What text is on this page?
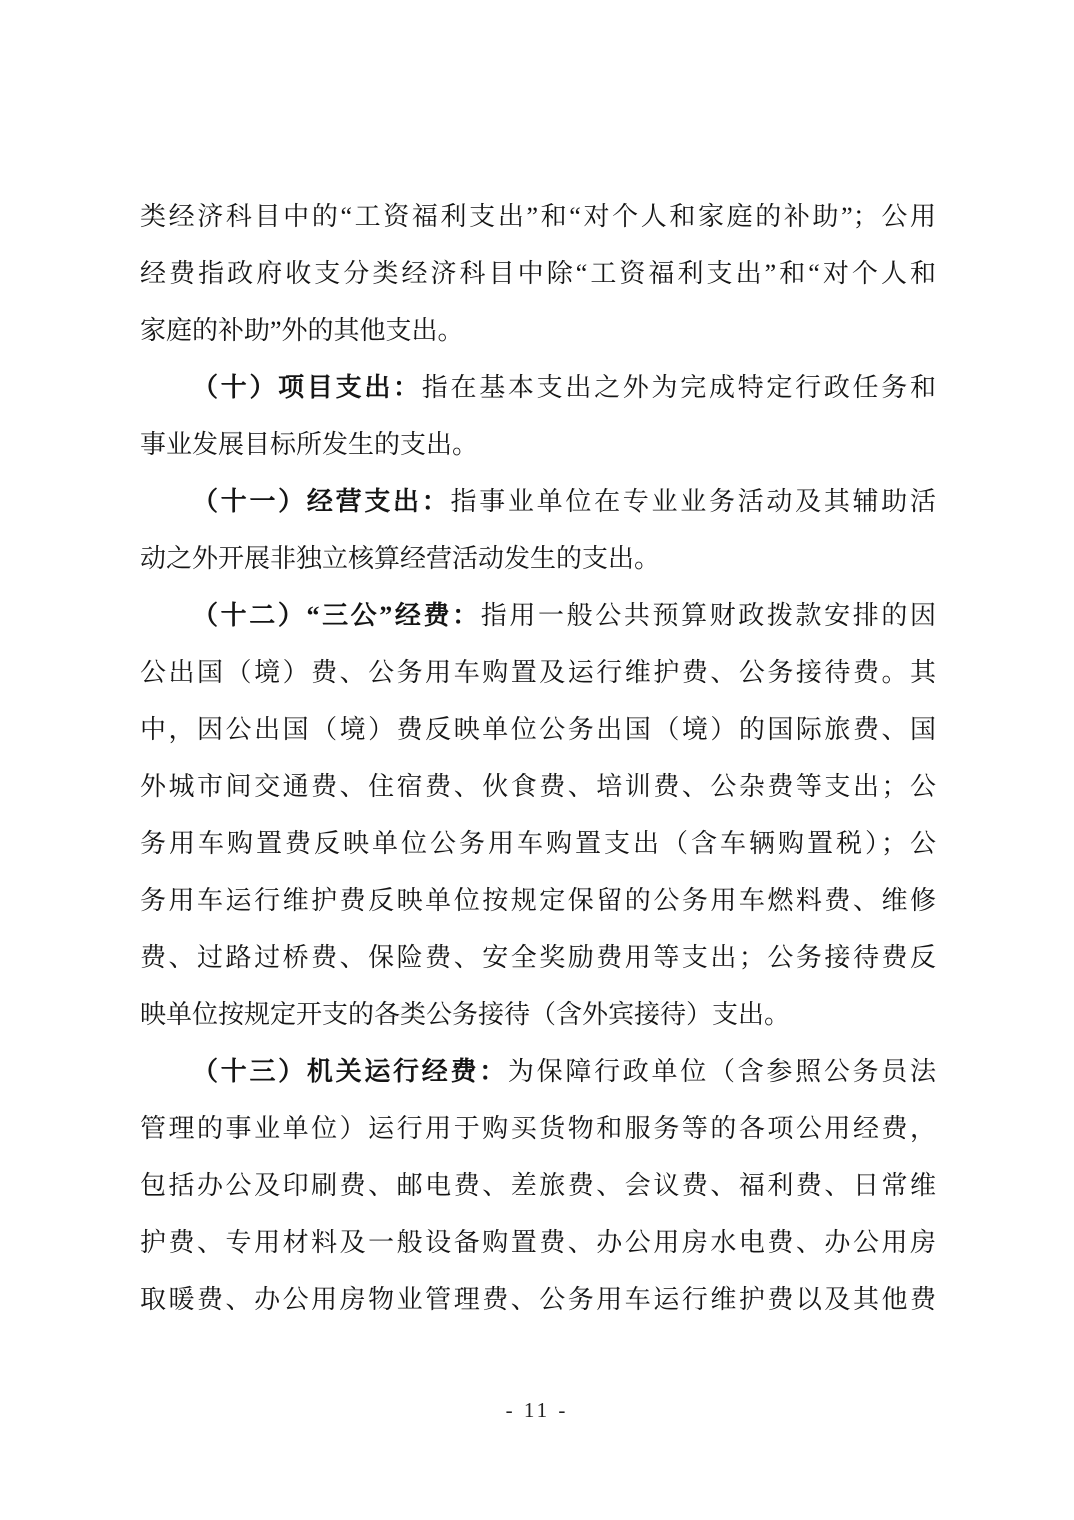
类经济科目中的“工资福利支出”和“对个人和家庭的补助”；公用
经费指政府收支分类经济科目中除“工资福利支出”和“对个人和
家庭的补助”外的其他支出。
（十）项目支出：指在基本支出之外为完成特定行政任务和
事业发展目标所发生的支出。
（十一）经营支出：指事业单位在专业业务活动及其辅助活
动之外开展非独立核算经营活动发生的支出。
（十二）“三公”经费：指用一般公共预算财政拨款安排的因
公出国（境）费、公务用车购置及运行维护费、公务接待费。其
中，因公出国（境）费反映单位公务出国（境）的国际旅费、国
外城市间交通费、住宿费、伙食费、培训费、公杂费等支出；公
务用车购置费反映单位公务用车购置支出（含车辆购置税）；公
务用车运行维护费反映单位按规定保留的公务用车燃料费、维修
费、过路过桥费、保险费、安全奖励费用等支出；公务接待费反
映单位按规定开支的各类公务接待（含外宾接待）支出。
（十三）机关运行经费：为保障行政单位（含参照公务员法
管理的事业单位）运行用于购买货物和服务等的各项公用经费，
包括办公及印刷费、邮电费、差旅费、会议费、福利费、日常维
护费、专用材料及一般设备购置费、办公用房水电费、办公用房
取暖费、办公用房物业管理费、公务用车运行维护费以及其他费
- 11 -
